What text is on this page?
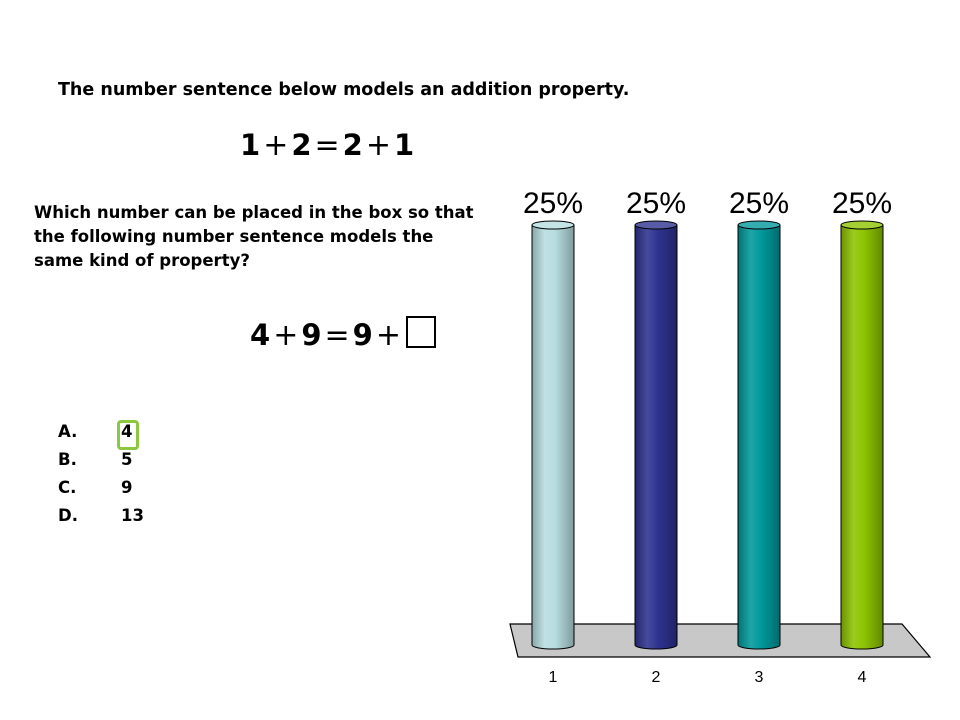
The number sentence below models an addition property.
1 + 2 = 2 + 1
Which number can be placed in the box so that
the following number sentence models the
same kind of property?
4 + 9 = 9 +
A.	4
B.	5
C.	9
D.	13
25%
1
25%
2
25%
3
25%
4
